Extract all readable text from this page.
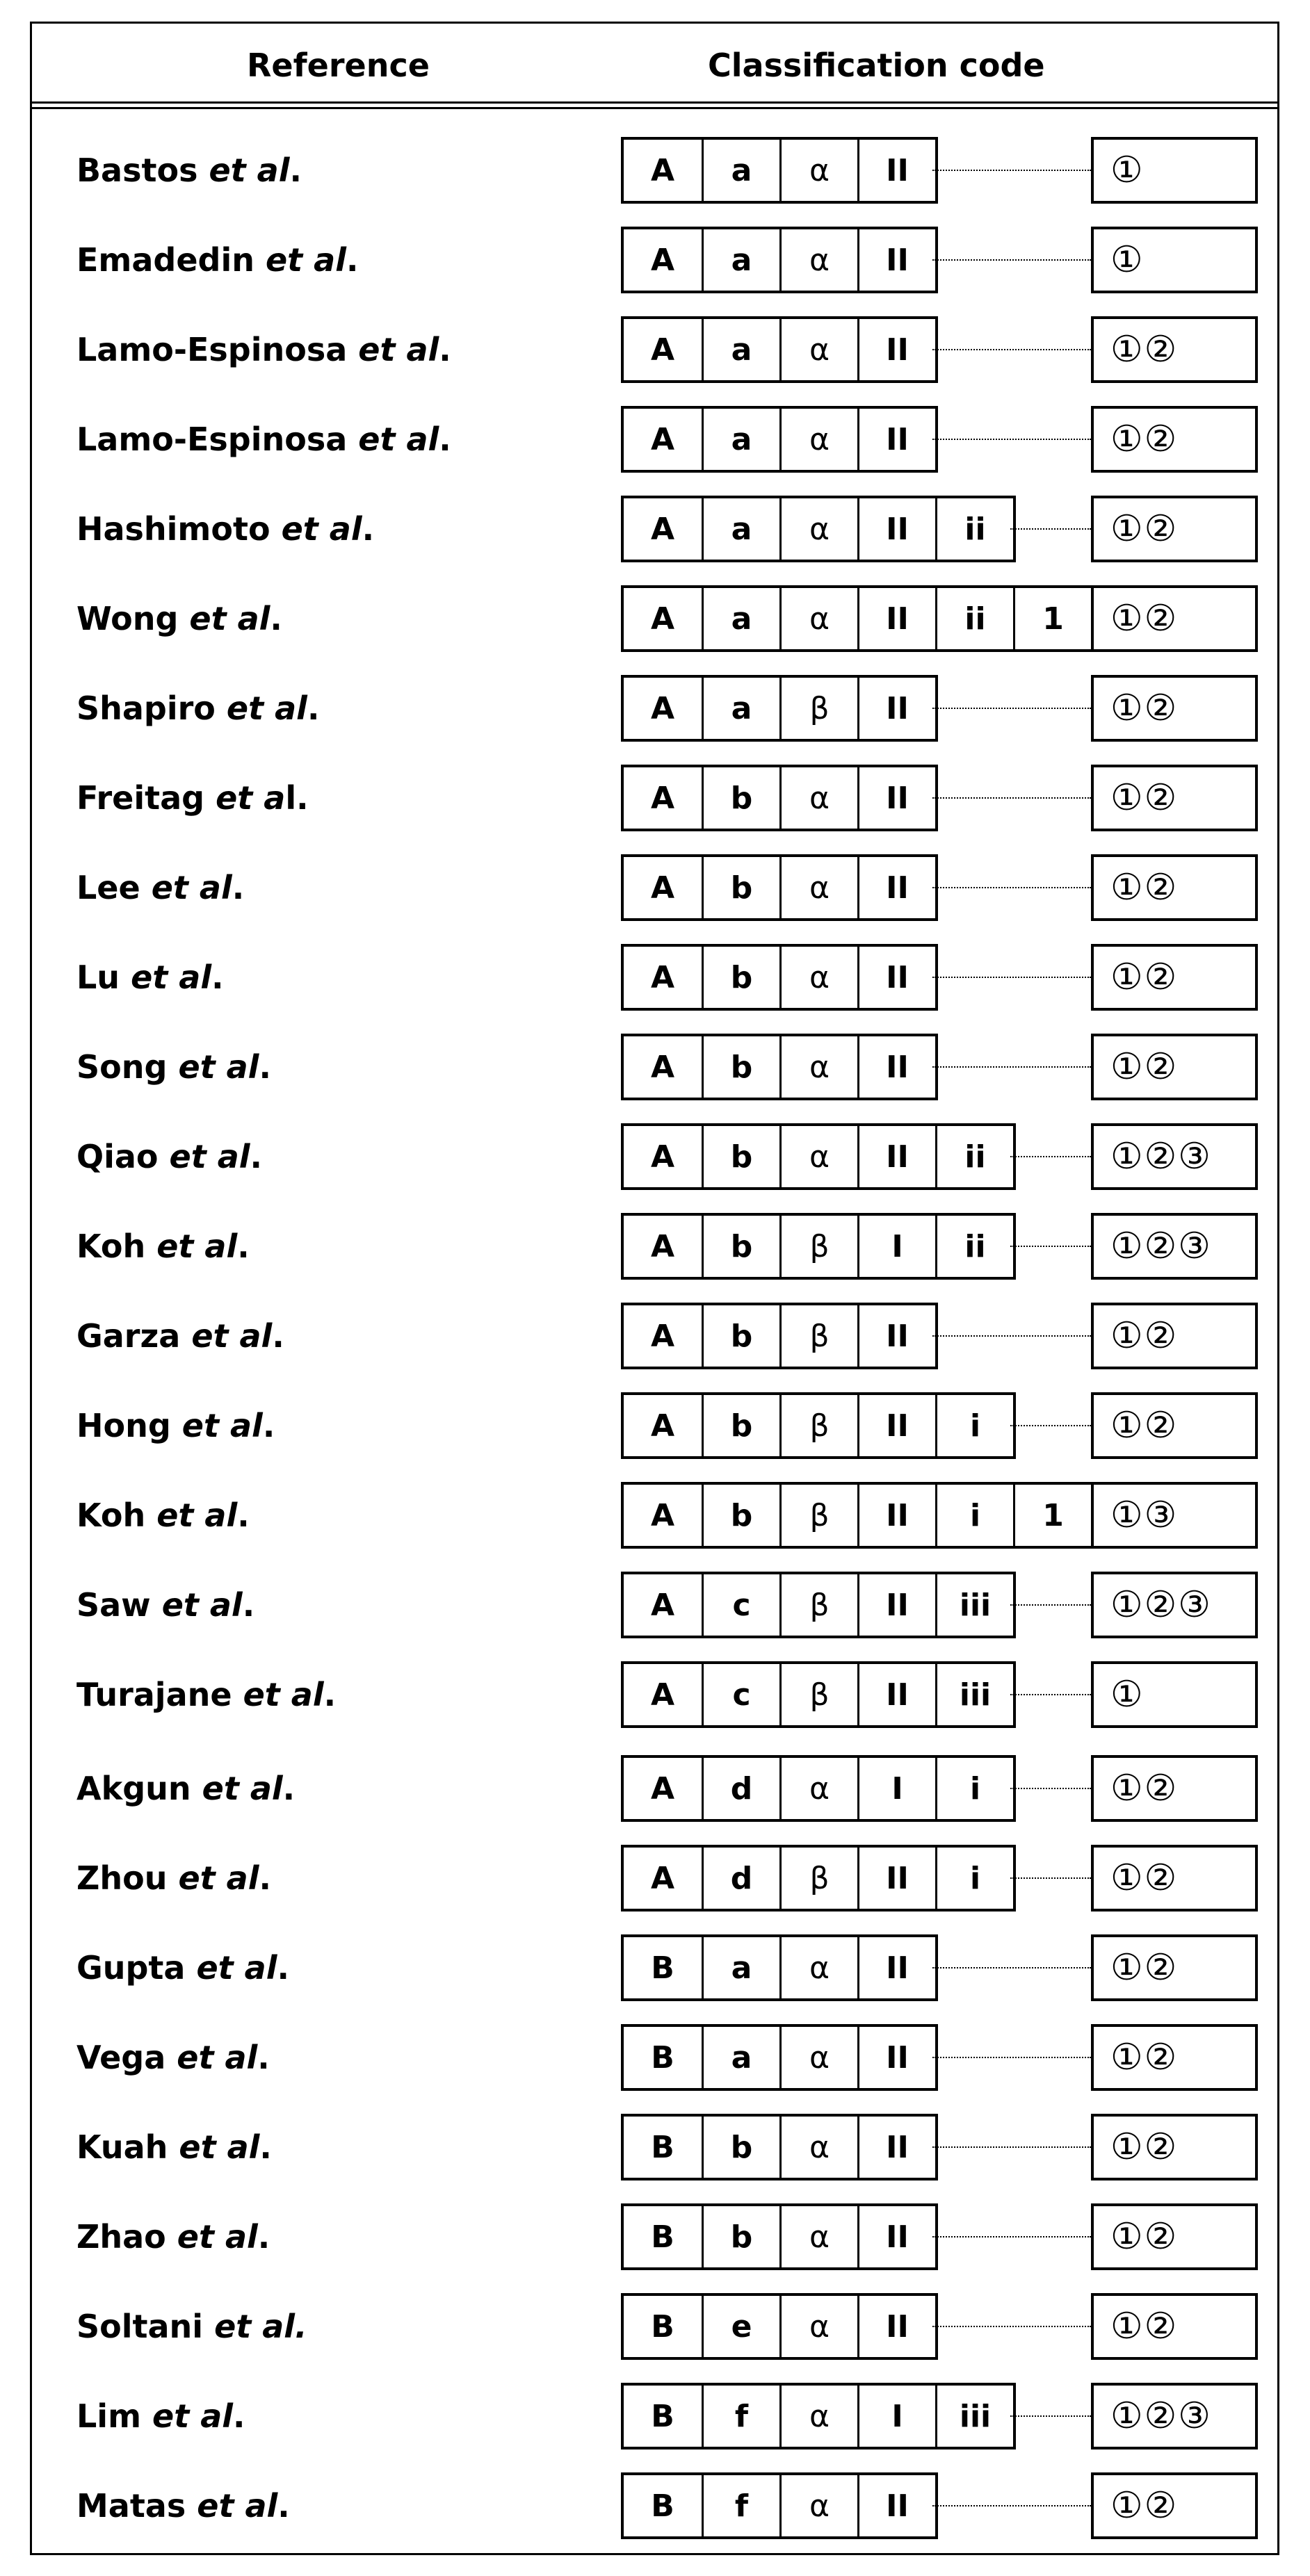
Reference	Classification code
Bastos et al.	A	a	α	II	①
Emadedin et al.	A	a	α	II	①
Lamo-Espinosa et al.	A	a	α	II	①②
Lamo-Espinosa et al.	A	a	α	II	①②
Hashimoto et al.	A	a	α	II	ii	①②
Wong et al.	A	a	α	II	ii	1	①②
Shapiro et al.	A	a	β	II	①②
Freitag et al.	A	b	α	II	①②
Lee et al.	A	b	α	II	①②
Lu et al.	A	b	α	II	①②
Song et al.	A	b	α	II	①②
Qiao et al.	A	b	α	II	ii	①②③
Koh et al.	A	b	β	I	ii	①②③
Garza et al.	A	b	β	II	①②
Hong et al.	A	b	β	II	i	①②
Koh et al.	A	b	β	II	i	1	①③
Saw et al.	A	c	β	II	iii	①②③
Turajane et al.	A	c	β	II	iii	①
Akgun et al.	A	d	α	I	i	①②
Zhou et al.	A	d	β	II	i	①②
Gupta et al.	B	a	α	II	①②
Vega et al.	B	a	α	II	①②
Kuah et al.	B	b	α	II	①②
Zhao et al.	B	b	α	II	①②
Soltani et al.	B	e	α	II	①②
Lim et al.	B	f	α	I	iii	①②③
Matas et al.	B	f	α	II	①②
